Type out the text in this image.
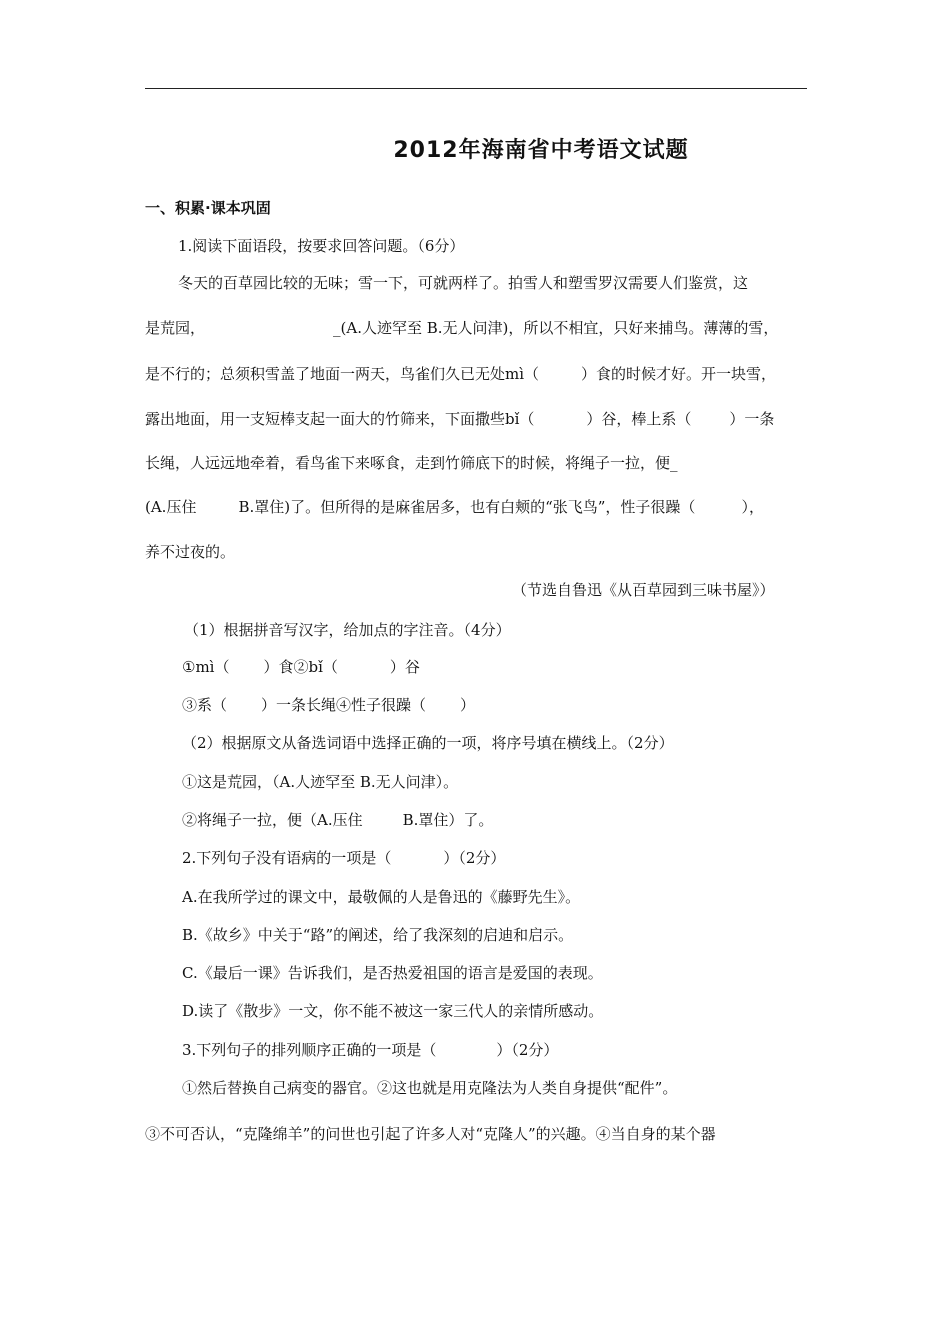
2012年海南省中考语文试题
一、积累·课本巩固
1.阅读下面语段，按要求回答问题。（6分）
冬天的百草园比较的无味；雪一下，可就两样了。拍雪人和塑雪罗汉需要人们鉴赏，这
是荒园，	_(A.人迹罕至 B.无人问津)，所以不相宜，只好来捕鸟。薄薄的雪，
是不行的；总须积雪盖了地面一两天，鸟雀们久已无处mì（	）食的时候才好。开一块雪，
露出地面，用一支短棒支起一面大的竹筛来，下面撒些bǐ（	）谷，棒上系（	）一条
长绳，人远远地牵着，看鸟雀下来啄食，走到竹筛底下的时候，将绳子一拉，便_
(A.压住	B.罩住)了。但所得的是麻雀居多，也有白颊的“张飞鸟”，性子很躁（	），
养不过夜的。
（节选自鲁迅《从百草园到三味书屋》）
（1）根据拼音写汉字，给加点的字注音。（4分）
①mì（ ）食②bǐ（	）谷
③系（ ）一条长绳④性子很躁（ ）
（2）根据原文从备选词语中选择正确的一项，将序号填在横线上。（2分）
①这是荒园，（A.人迹罕至 B.无人问津）。
②将绳子一拉，便（A.压住	B.罩住）了。
2.下列句子没有语病的一项是（	）（2分）
A.在我所学过的课文中，最敬佩的人是鲁迅的《藤野先生》。
B.《故乡》中关于“路”的阐述，给了我深刻的启迪和启示。
C.《最后一课》告诉我们，是否热爱祖国的语言是爱国的表现。
D.读了《散步》一文，你不能不被这一家三代人的亲情所感动。
3.下列句子的排列顺序正确的一项是（	）（2分）
①然后替换自己病变的器官。②这也就是用克隆法为人类自身提供“配件”。
③不可否认，“克隆绵羊”的问世也引起了许多人对“克隆人”的兴趣。④当自身的某个器
